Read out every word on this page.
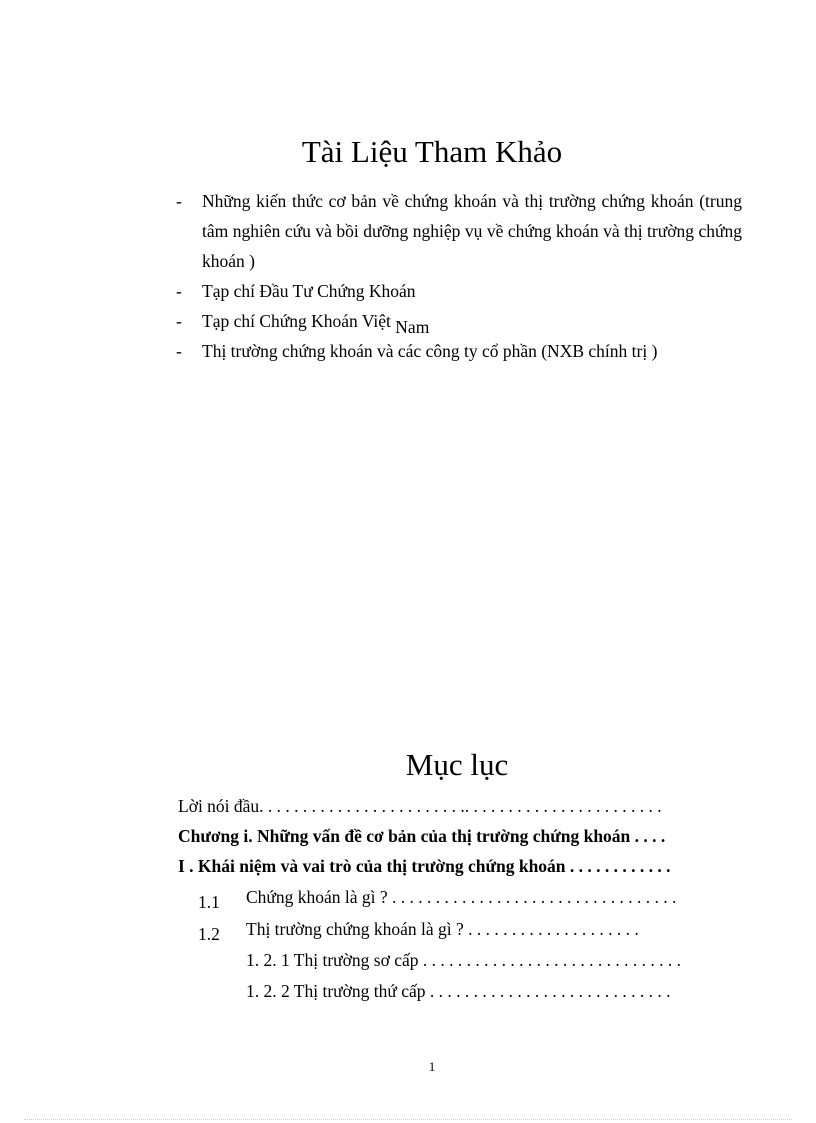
Tài Liệu Tham Khảo
- Những kiến thức cơ bản về chứng khoán và thị trường chứng khoán (trung tâm nghiên cứu và bồi dưỡng nghiệp vụ về chứng khoán và thị trường chứng khoán )
- Tạp chí Đầu Tư Chứng Khoán
- Tạp chí Chứng Khoán Việt Nam
- Thị trường chứng khoán và các công ty cổ phần (NXB chính trị )
Mục lục
Lời nói đầu. . . . . . . . . . . . . . . . . . . . . . . .. . . . . . . . . . . . . . . . . . . . . . .
Chương i. Những vấn đề cơ bản của thị trường chứng khoán . . . .
I . Khái niệm và vai trò của thị trường chứng khoán . . . . . . . . . . . .
1.1 Chứng khoán là gì ? . . . . . . . . . . . . . . . . . . . . . . . . . . . . . . . . .
1.2 Thị trường chứng khoán là gì ? . . . . . . . . . . . . . . . . . . . .
1. 2. 1 Thị trường sơ cấp . . . . . . . . . . . . . . . . . . . . . . . . . . . . . .
1. 2. 2 Thị trường thứ cấp . . . . . . . . . . . . . . . . . . . . . . . . . . . .
1
